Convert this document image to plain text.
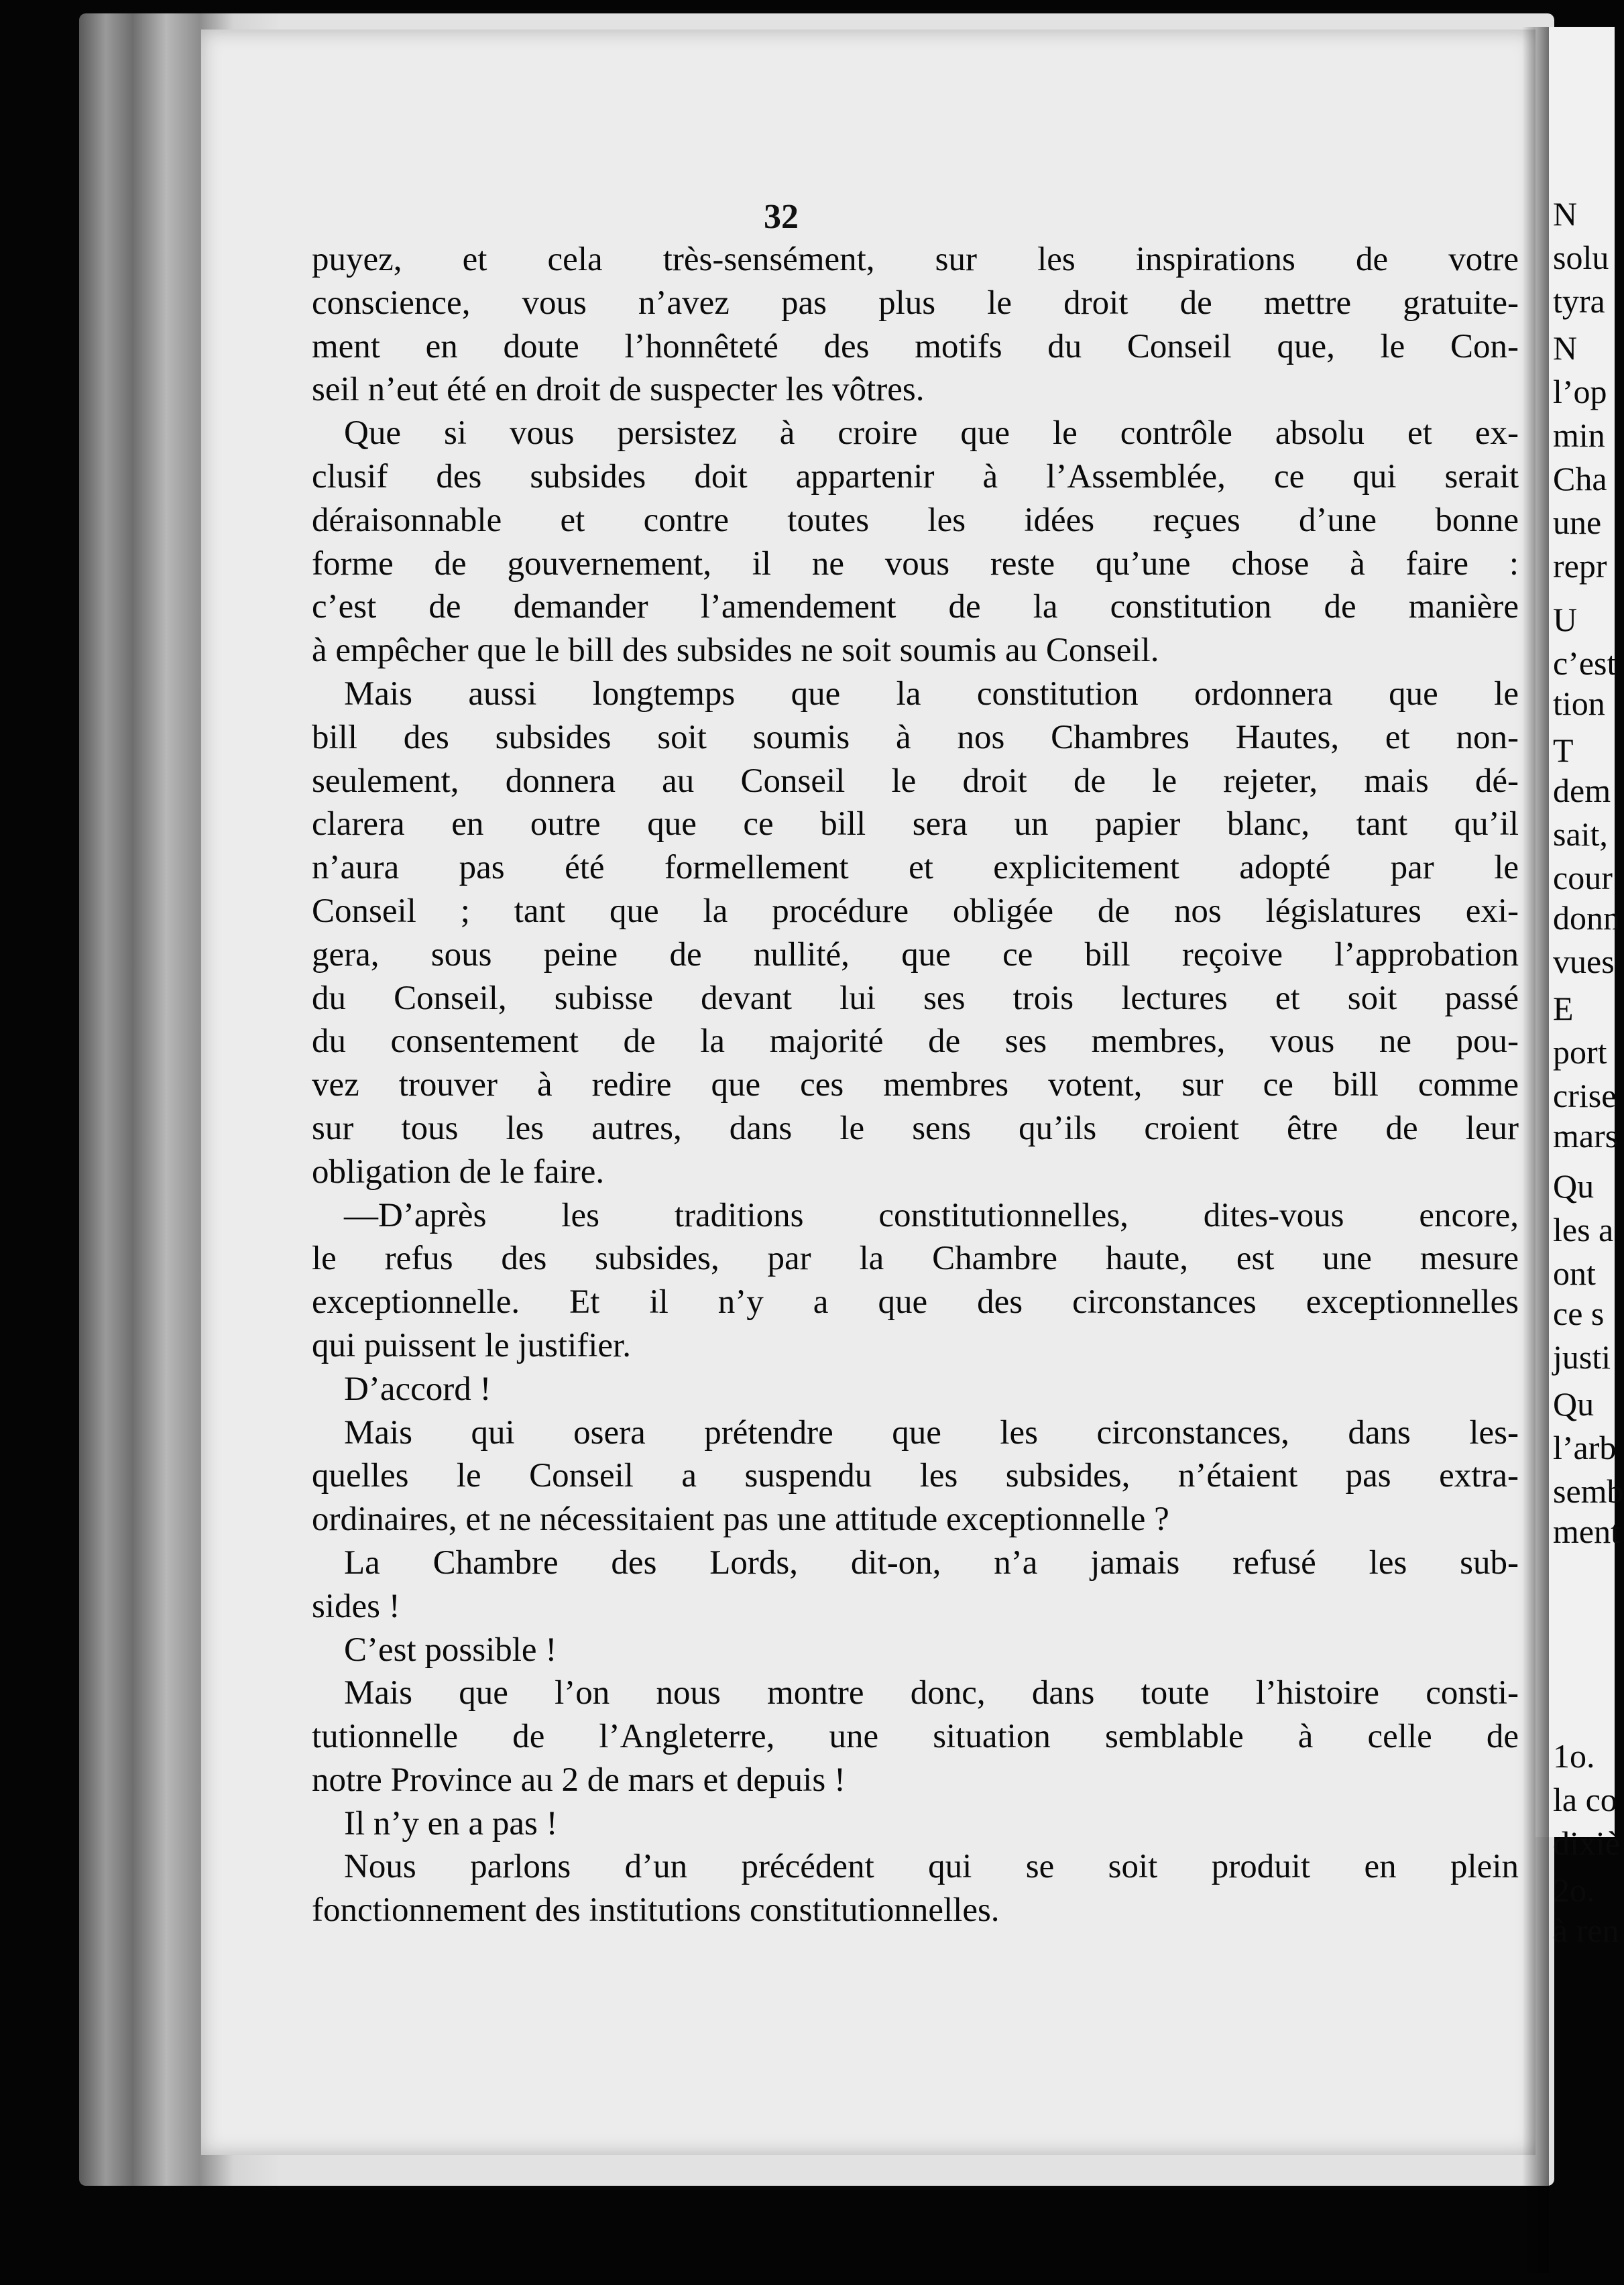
32
puyez, et cela très-sensément, sur les inspirations de votre
conscience, vous n’avez pas plus le droit de mettre gratuite-
ment en doute l’honnêteté des motifs du Conseil que, le Con-
seil n’eut été en droit de suspecter les vôtres.
Que si vous persistez à croire que le contrôle absolu et ex-
clusif des subsides doit appartenir à l’Assemblée, ce qui serait
déraisonnable et contre toutes les idées reçues d’une bonne
forme de gouvernement, il ne vous reste qu’une chose à faire :
c’est de demander l’amendement de la constitution de manière
à empêcher que le bill des subsides ne soit soumis au Conseil.
Mais aussi longtemps que la constitution ordonnera que le
bill des subsides soit soumis à nos Chambres Hautes, et non-
seulement, donnera au Conseil le droit de le rejeter, mais dé-
clarera en outre que ce bill sera un papier blanc, tant qu’il
n’aura pas été formellement et explicitement adopté par le
Conseil ; tant que la procédure obligée de nos législatures exi-
gera, sous peine de nullité, que ce bill reçoive l’approbation
du Conseil, subisse devant lui ses trois lectures et soit passé
du consentement de la majorité de ses membres, vous ne pou-
vez trouver à redire que ces membres votent, sur ce bill comme
sur tous les autres, dans le sens qu’ils croient être de leur
obligation de le faire.
—D’après les traditions constitutionnelles, dites-vous encore,
le refus des subsides, par la Chambre haute, est une mesure
exceptionnelle. Et il n’y a que des circonstances exceptionnelles
qui puissent le justifier.
D’accord !
Mais qui osera prétendre que les circonstances, dans les-
quelles le Conseil a suspendu les subsides, n’étaient pas extra-
ordinaires, et ne nécessitaient pas une attitude exceptionnelle ?
La Chambre des Lords, dit-on, n’a jamais refusé les sub-
sides !
C’est possible !
Mais que l’on nous montre donc, dans toute l’histoire consti-
tutionnelle de l’Angleterre, une situation semblable à celle de
notre Province au 2 de mars et depuis !
Il n’y en a pas !
Nous parlons d’un précédent qui se soit produit en plein
fonctionnement des institutions constitutionnelles.
N
solu
tyra
N
l’op
min
Cha
une
repr
U
c’est
tion
T
dem
sait,
cour
donn
vues
E
port
crise
mars
Qu
les a
ont
ce s
justi
Qu
l’arb
semb
ment
1o.
la co
dixiè
2o.
à ren
